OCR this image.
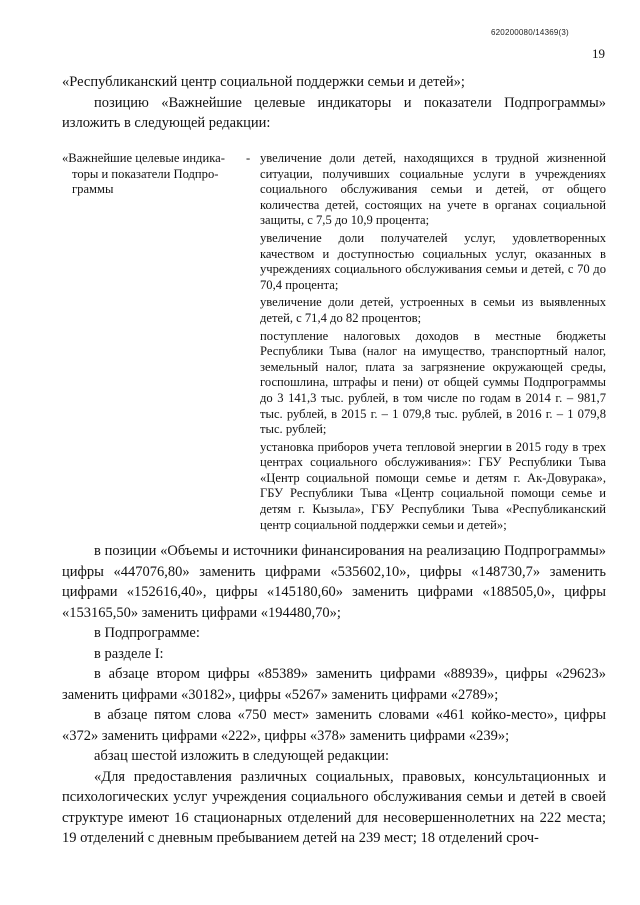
620200080/14369(3)
19

«Республиканский центр социальной поддержки семьи и детей»;

позицию «Важнейшие целевые индикаторы и показатели Подпрограммы» изложить в следующей редакции:

«Важнейшие целевые индика-
торы и показатели Подпро-
граммы

- увеличение доли детей, находящихся в трудной жизненной ситуации, получивших социальные услуги в учреждениях социального обслуживания семьи и детей, от общего количества детей, состоящих на учете в органах социальной защиты, с 7,5 до 10,9 процента;

увеличение доли получателей услуг, удовлетворенных качеством и доступностью социальных услуг, оказанных в учреждениях социального обслуживания семьи и детей, с 70 до 70,4 процента;

увеличение доли детей, устроенных в семьи из выявленных детей, с 71,4 до 82 процентов;

поступление налоговых доходов в местные бюджеты Республики Тыва (налог на имущество, транспортный налог, земельный налог, плата за загрязнение окружающей среды, госпошлина, штрафы и пени) от общей суммы Подпрограммы до 3 141,3 тыс. рублей, в том числе по годам в 2014 г. – 981,7 тыс. рублей, в 2015 г. – 1 079,8 тыс. рублей, в 2016 г. – 1 079,8 тыс. рублей;

установка приборов учета тепловой энергии в 2015 году в трех центрах социального обслуживания»: ГБУ Республики Тыва «Центр социальной помощи семье и детям г. Ак-Довурака», ГБУ Республики Тыва «Центр социальной помощи семье и детям г. Кызыла», ГБУ Республики Тыва «Республиканский центр социальной поддержки семьи и детей»;

в позиции «Объемы и источники финансирования на реализацию Подпрограммы» цифры «447076,80» заменить цифрами «535602,10», цифры «148730,7» заменить цифрами «152616,40», цифры «145180,60» заменить цифрами «188505,0», цифры «153165,50» заменить цифрами «194480,70»;

в Подпрограмме:

в разделе I:

в абзаце втором цифры «85389» заменить цифрами «88939», цифры «29623» заменить цифрами «30182», цифры «5267» заменить цифрами «2789»;

в абзаце пятом слова «750 мест» заменить словами «461 койко-место», цифры «372» заменить цифрами «222», цифры «378» заменить цифрами «239»;

абзац шестой изложить в следующей редакции:

«Для предоставления различных социальных, правовых, консультационных и психологических услуг учреждения социального обслуживания семьи и детей в своей структуре имеют 16 стационарных отделений для несовершеннолетних на 222 места; 19 отделений с дневным пребыванием детей на 239 мест; 18 отделений сроч-
